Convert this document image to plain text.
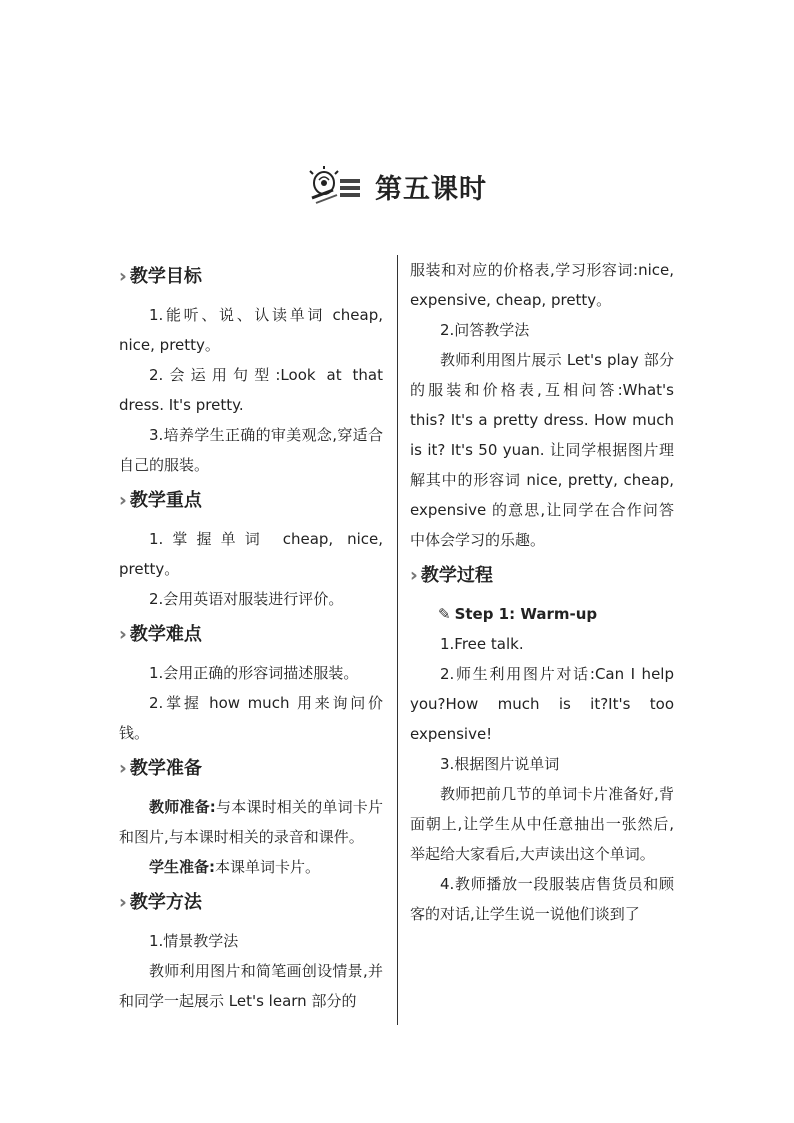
第五课时
›› 教学目标

1.能听、说、认读单词 cheap, nice, pretty。

2.会运用句型:Look at that dress. It's pretty.

3.培养学生正确的审美观念,穿适合自己的服装。

›› 教学重点

1.掌握单词 cheap, nice, pretty。

2.会用英语对服装进行评价。

›› 教学难点

1.会用正确的形容词描述服装。

2.掌握 how much 用来询问价钱。

›› 教学准备

教师准备:与本课时相关的单词卡片和图片,与本课时相关的录音和课件。

学生准备:本课单词卡片。

›› 教学方法

1.情景教学法

教师利用图片和简笔画创设情景,并和同学一起展示 Let's learn 部分的

服装和对应的价格表,学习形容词:nice, expensive, cheap, pretty。

2.问答教学法

教师利用图片展示 Let's play 部分的服装和价格表,互相问答:What's this? It's a pretty dress. How much is it? It's 50 yuan. 让同学根据图片理解其中的形容词 nice, pretty, cheap, expensive 的意思,让同学在合作问答中体会学习的乐趣。

›› 教学过程
✎ Step 1: Warm-up

1.Free talk.

2.师生利用图片对话:Can I help you?How much is it?It's too expensive!

3.根据图片说单词

教师把前几节的单词卡片准备好,背面朝上,让学生从中任意抽出一张然后,举起给大家看后,大声读出这个单词。

4.教师播放一段服装店售货员和顾客的对话,让学生说一说他们谈到了
